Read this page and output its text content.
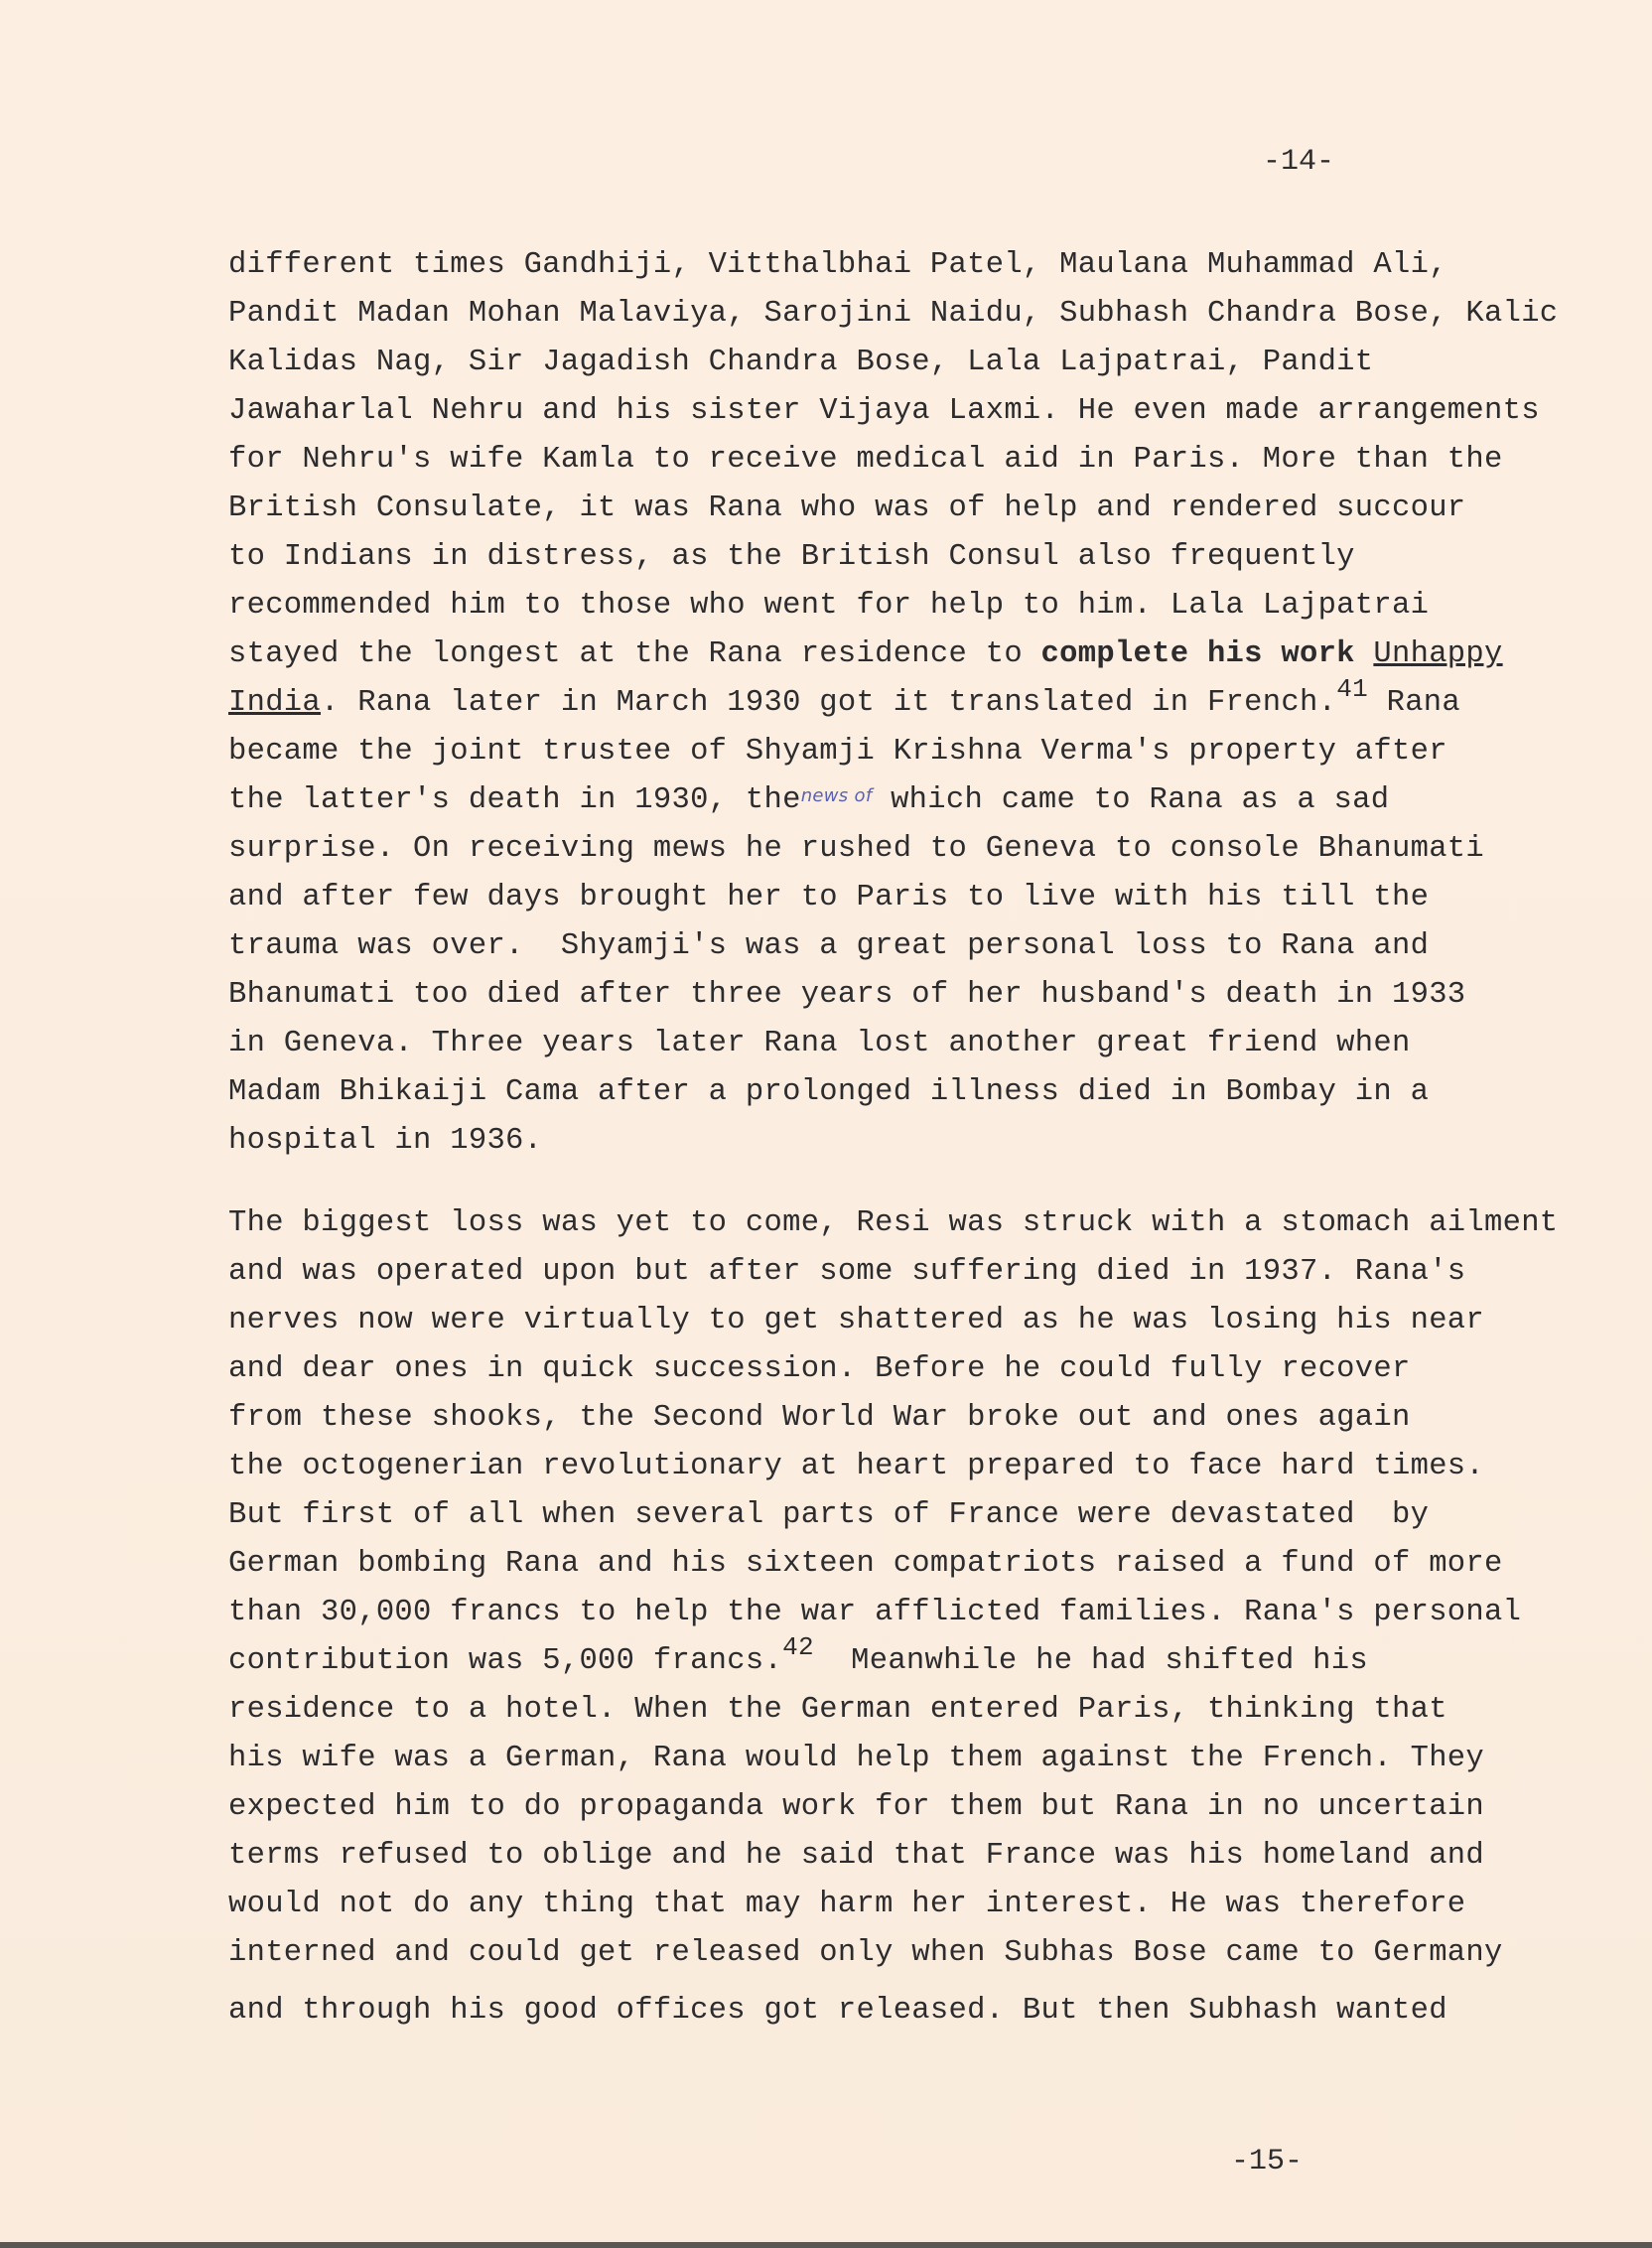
-14-
different times Gandhiji, Vitthalbhai Patel, Maulana Muhammad Ali,
Pandit Madan Mohan Malaviya, Sarojini Naidu, Subhash Chandra Bose, Kalic
Kalidas Nag, Sir Jagadish Chandra Bose, Lala Lajpatrai, Pandit
Jawaharlal Nehru and his sister Vijaya Laxmi. He even made arrangements
for Nehru's wife Kamla to receive medical aid in Paris. More than the
British Consulate, it was Rana who was of help and rendered succour
to Indians in distress, as the British Consul also frequently
recommended him to those who went for help to him. Lala Lajpatrai
stayed the longest at the Rana residence to complete his work Unhappy
India. Rana later in March 1930 got it translated in French.41 Rana
became the joint trustee of Shyamji Krishna Verma's property after
the latter's death in 1930, thenews of which came to Rana as a sad
surprise. On receiving mews he rushed to Geneva to console Bhanumati
and after few days brought her to Paris to live with his till the
trauma was over.  Shyamji's was a great personal loss to Rana and
Bhanumati too died after three years of her husband's death in 1933
in Geneva. Three years later Rana lost another great friend when
Madam Bhikaiji Cama after a prolonged illness died in Bombay in a
hospital in 1936.
The biggest loss was yet to come, Resi was struck with a stomach ailment
and was operated upon but after some suffering died in 1937. Rana's
nerves now were virtually to get shattered as he was losing his near
and dear ones in quick succession. Before he could fully recover
from these shooks, the Second World War broke out and ones again
the octogenerian revolutionary at heart prepared to face hard times.
But first of all when several parts of France were devastated  by
German bombing Rana and his sixteen compatriots raised a fund of more
than 30,000 francs to help the war afflicted families. Rana's personal
contribution was 5,000 francs.42  Meanwhile he had shifted his
residence to a hotel. When the German entered Paris, thinking that
his wife was a German, Rana would help them against the French. They
expected him to do propaganda work for them but Rana in no uncertain
terms refused to oblige and he said that France was his homeland and
would not do any thing that may harm her interest. He was therefore
interned and could get released only when Subhas Bose came to Germany
and through his good offices got released. But then Subhash wanted
-15-
